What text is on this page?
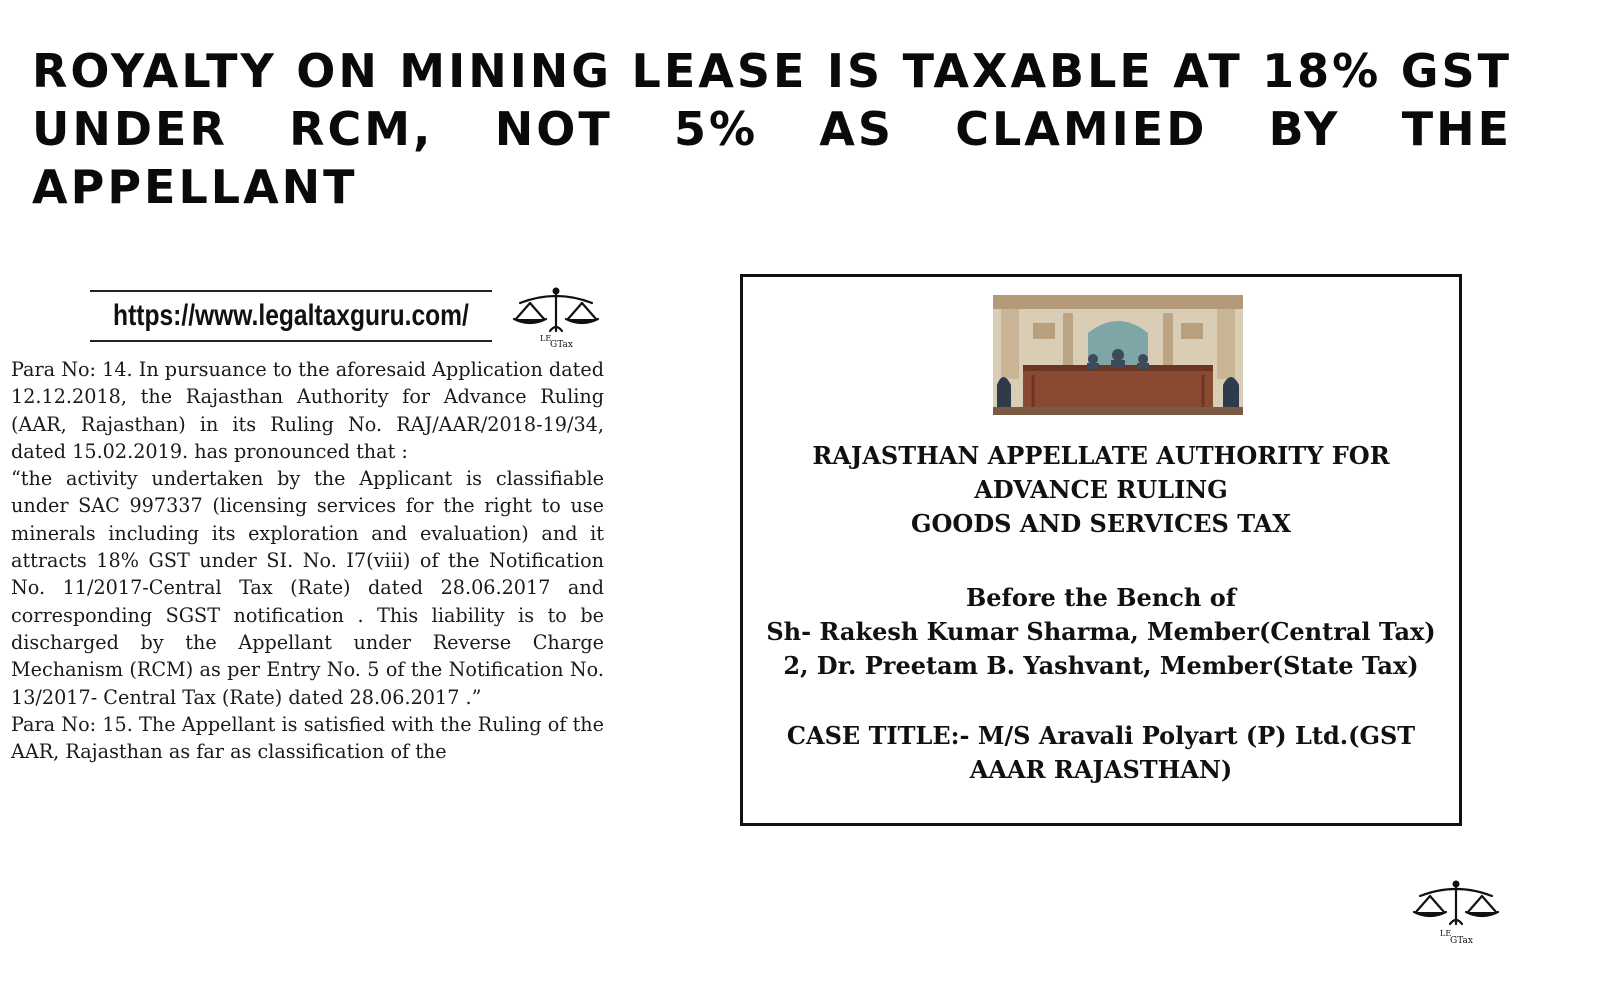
ROYALTY ON MINING LEASE IS TAXABLE AT 18% GST UNDER RCM, NOT 5% AS CLAMIED BY THE APPELLANT
https://www.legaltaxguru.com/
LE
GTax

Para No: 14. In pursuance to the aforesaid Application dated 12.12.2018, the Rajasthan Authority for Advance Ruling (AAR, Rajasthan) in its Ruling No. RAJ/AAR/2018-19/34, dated 15.02.2019. has pronounced that :

“the activity undertaken by the Applicant is classifiable under SAC 997337 (licensing services for the right to use minerals including its exploration and evaluation) and it attracts 18% GST under SI. No. I7(viii) of the Notification No. 11/2017-Central Tax (Rate) dated 28.06.2017 and corresponding SGST notification . This liability is to be discharged by the Appellant under Reverse Charge Mechanism (RCM) as per Entry No. 5 of the Notification No. 13/2017- Central Tax (Rate) dated 28.06.2017 .”

Para No: 15. The Appellant is satisfied with the Ruling of the AAR, Rajasthan as far as classification of the

RAJASTHAN APPELLATE AUTHORITY FOR
ADVANCE RULING
GOODS AND SERVICES TAX
Before the Bench of
Sh- Rakesh Kumar Sharma, Member(Central Tax)
2, Dr. Preetam B. Yashvant, Member(State Tax)
CASE TITLE:- M/S Aravali Polyart (P) Ltd.(GST
AAAR RAJASTHAN)
LE
GTax
